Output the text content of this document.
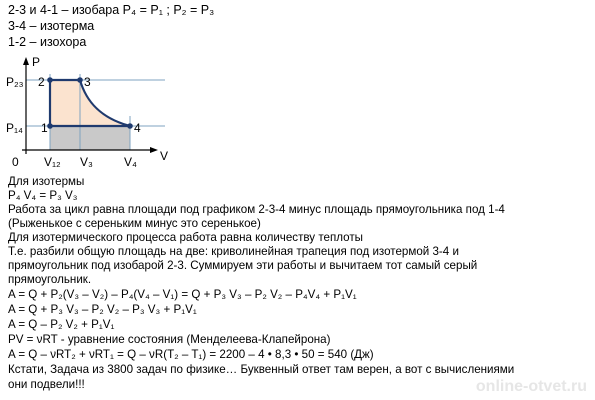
2-3 и 4-1 – изобара P₄ = P₁ ; P₂ = P₃
3-4 – изотерма
1-2 – изохора
P
V
0
P₂₃
P₁₄
V₁₂ V₃	V₄
1
2	3
4
Для изотермы
P₄ V₄ = P₃ V₃
Работа за цикл равна площади под графиком 2-3-4 минус площадь прямоугольника под 1-4
(Рыженькое с сереньким минус это серенькое)
Для изотермического процесса работа равна количеству теплоты
Т.е. разбили общую площадь на две: криволинейная трапеция под изотермой 3-4 и
прямоугольник под изобарой 2-3. Суммируем эти работы и вычитаем тот самый серый
прямоугольник.
A = Q + P₂(V₃ – V₂) – P₄(V₄ – V₁) = Q + P₃ V₃ – P₂ V₂ – P₄V₄ + P₁V₁
A = Q + P₃ V₃ – P₂ V₂ – P₃ V₃ + P₁V₁
A = Q – P₂ V₂ + P₁V₁
PV = νRT - уравнение состояния (Менделеева-Клапейрона)
A = Q – νRT₂ + νRT₁ = Q – νR(T₂ – T₁) = 2200 – 4 • 8,3 • 50 = 540 (Дж)
Кстати, Задача из 3800 задач по физике… Буквенный ответ там верен, а вот с вычислениями
они подвели!!!	online-otvet.ru
